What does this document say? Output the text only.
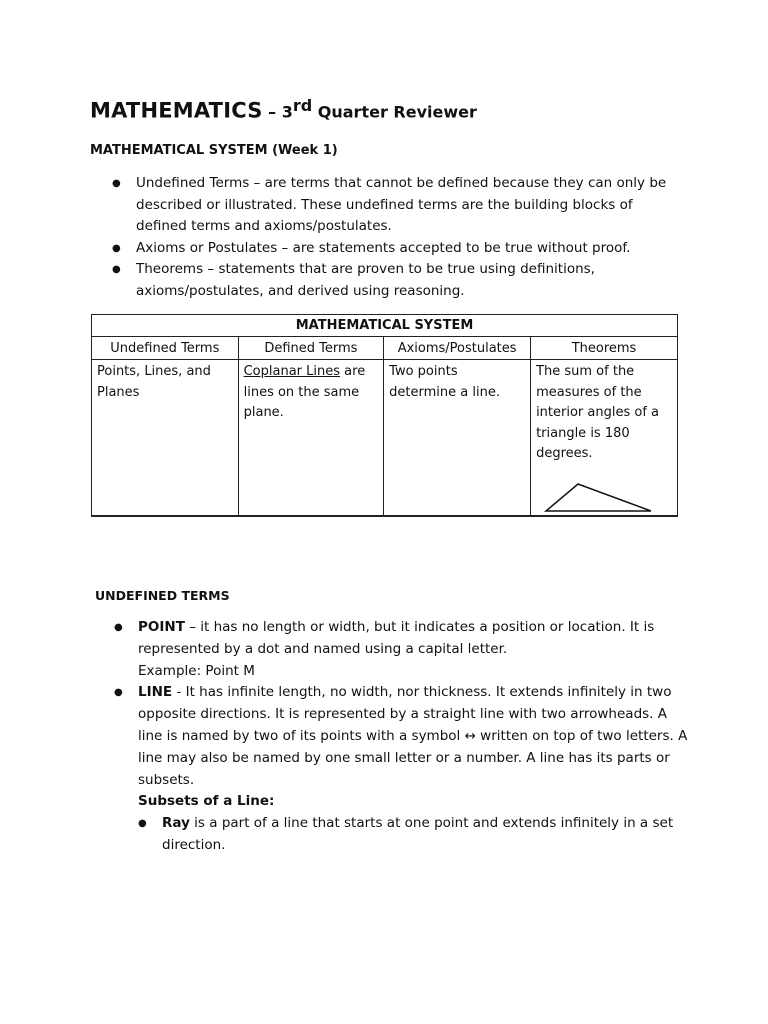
MATHEMATICS – 3rd Quarter Reviewer
MATHEMATICAL SYSTEM (Week 1)
● Undefined Terms – are terms that cannot be defined because they can only be described or illustrated. These undefined terms are the building blocks of defined terms and axioms/postulates.
● Axioms or Postulates – are statements accepted to be true without proof.
● Theorems – statements that are proven to be true using definitions, axioms/postulates, and derived using reasoning.
MATHEMATICAL SYSTEM			
Undefined Terms	Defined Terms	Axioms/Postulates	Theorems
Points, Lines, and Planes	Coplanar Lines are lines on the same plane.	Two points determine a line.	The sum of the measures of the interior angles of a triangle is 180 degrees.
UNDEFINED TERMS
● POINT – it has no length or width, but it indicates a position or location. It is represented by a dot and named using a capital letter.
Example: Point M
● LINE - It has infinite length, no width, nor thickness. It extends infinitely in two opposite directions. It is represented by a straight line with two arrowheads. A line is named by two of its points with a symbol ↔ written on top of two letters. A line may also be named by one small letter or a number. A line has its parts or subsets.
Subsets of a Line:
● Ray is a part of a line that starts at one point and extends infinitely in a set direction.
